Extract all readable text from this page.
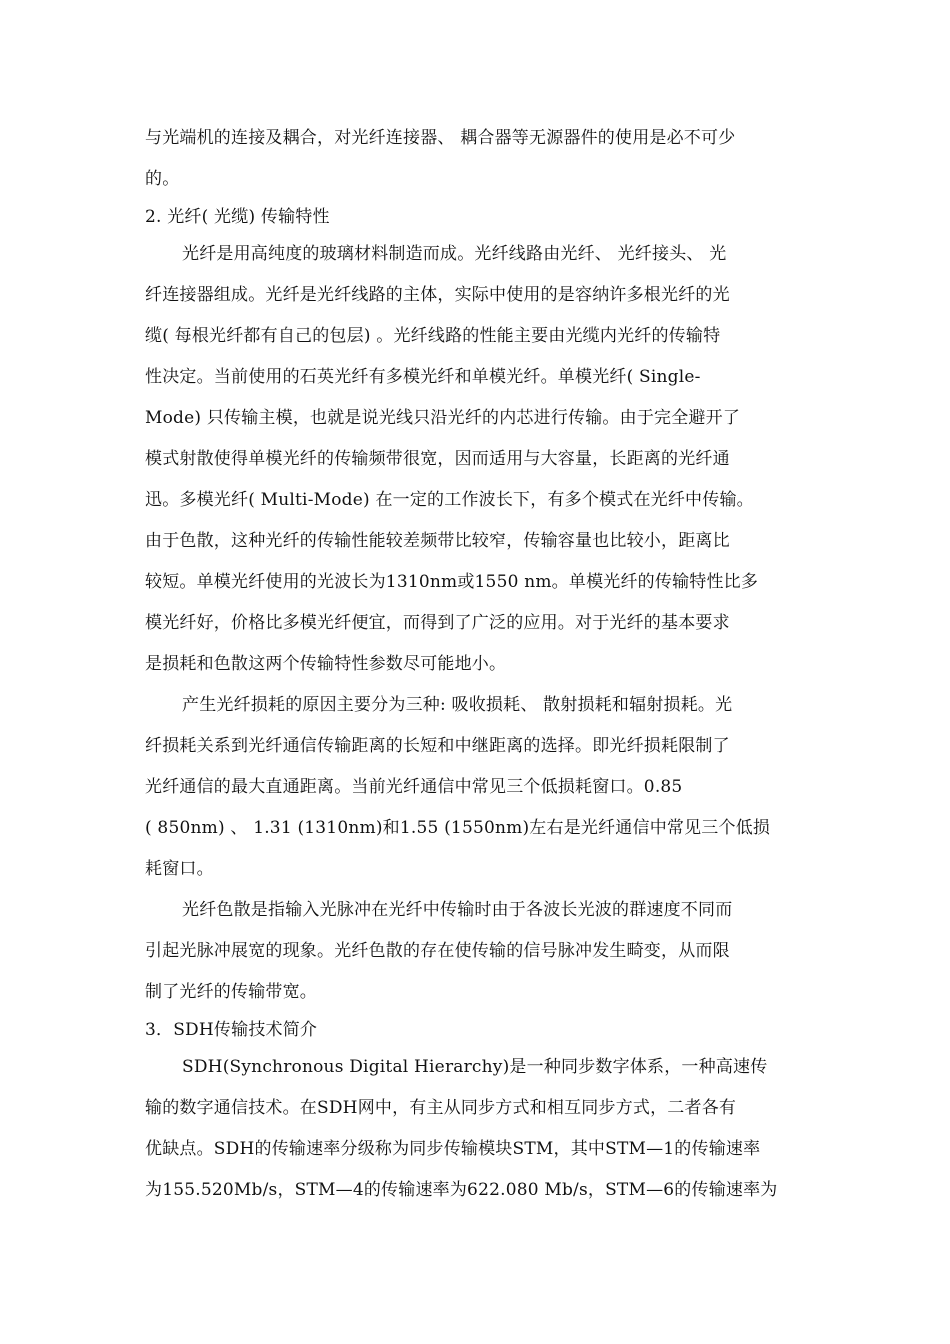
与光端机的连接及耦合，对光纤连接器、 耦合器等无源器件的使用是必不可少
的。
2. 光纤( 光缆) 传输特性
光纤是用高纯度的玻璃材料制造而成。光纤线路由光纤、 光纤接头、 光
纤连接器组成。光纤是光纤线路的主体，实际中使用的是容纳许多根光纤的光
缆( 每根光纤都有自己的包层) 。光纤线路的性能主要由光缆内光纤的传输特
性决定。当前使用的石英光纤有多模光纤和单模光纤。单模光纤( Single-
Mode) 只传输主模，也就是说光线只沿光纤的内芯进行传输。由于完全避开了
模式射散使得单模光纤的传输频带很宽，因而适用与大容量，长距离的光纤通
迅。多模光纤( Multi-Mode) 在一定的工作波长下，有多个模式在光纤中传输。
由于色散，这种光纤的传输性能较差频带比较窄，传输容量也比较小，距离比
较短。单模光纤使用的光波长为1310nm或1550 nm。单模光纤的传输特性比多
模光纤好，价格比多模光纤便宜，而得到了广泛的应用。对于光纤的基本要求
是损耗和色散这两个传输特性参数尽可能地小。
产生光纤损耗的原因主要分为三种: 吸收损耗、 散射损耗和辐射损耗。光
纤损耗关系到光纤通信传输距离的长短和中继距离的选择。即光纤损耗限制了
光纤通信的最大直通距离。当前光纤通信中常见三个低损耗窗口。0.85
( 850nm) 、 1.31 (1310nm)和1.55 (1550nm)左右是光纤通信中常见三个低损
耗窗口。
光纤色散是指输入光脉冲在光纤中传输时由于各波长光波的群速度不同而
引起光脉冲展宽的现象。光纤色散的存在使传输的信号脉冲发生畸变，从而限
制了光纤的传输带宽。
3．SDH传输技术简介
SDH(Synchronous Digital Hierarchy)是一种同步数字体系，一种高速传
输的数字通信技术。在SDH网中，有主从同步方式和相互同步方式，二者各有
优缺点。SDH的传输速率分级称为同步传输模块STM，其中STM—1的传输速率
为155.520Mb/s，STM—4的传输速率为622.080 Mb/s，STM—6的传输速率为
